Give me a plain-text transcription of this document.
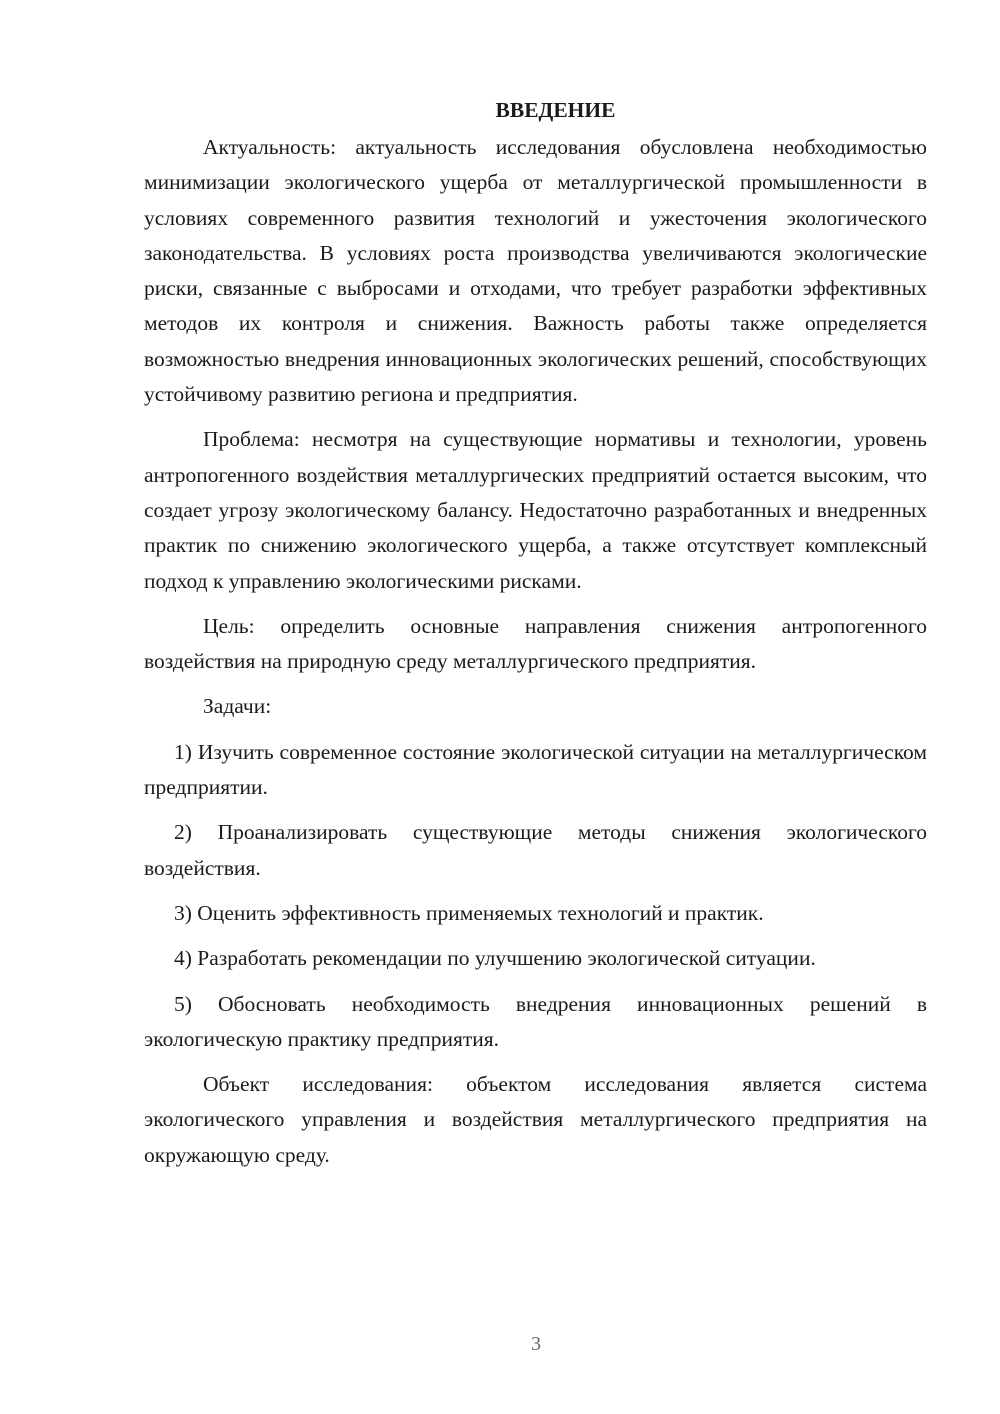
ВВЕДЕНИЕ

Актуальность: актуальность исследования обусловлена необходимостью минимизации экологического ущерба от металлургической промышленности в условиях современного развития технологий и ужесточения экологического законодательства. В условиях роста производства увеличиваются экологические риски, связанные с выбросами и отходами, что требует разработки эффективных методов их контроля и снижения. Важность работы также определяется возможностью внедрения инновационных экологических решений, способствующих устойчивому развитию региона и предприятия.

Проблема: несмотря на существующие нормативы и технологии, уровень антропогенного воздействия металлургических предприятий остается высоким, что создает угрозу экологическому балансу. Недостаточно разработанных и внедренных практик по снижению экологического ущерба, а также отсутствует комплексный подход к управлению экологическими рисками.

Цель: определить основные направления снижения антропогенного воздействия на природную среду металлургического предприятия.

Задачи:

1) Изучить современное состояние экологической ситуации на металлургическом предприятии.

2) Проанализировать существующие методы снижения экологического воздействия.

3) Оценить эффективность применяемых технологий и практик.

4) Разработать рекомендации по улучшению экологической ситуации.

5) Обосновать необходимость внедрения инновационных решений в экологическую практику предприятия.

Объект исследования: объектом исследования является система экологического управления и воздействия металлургического предприятия на окружающую среду.

3
